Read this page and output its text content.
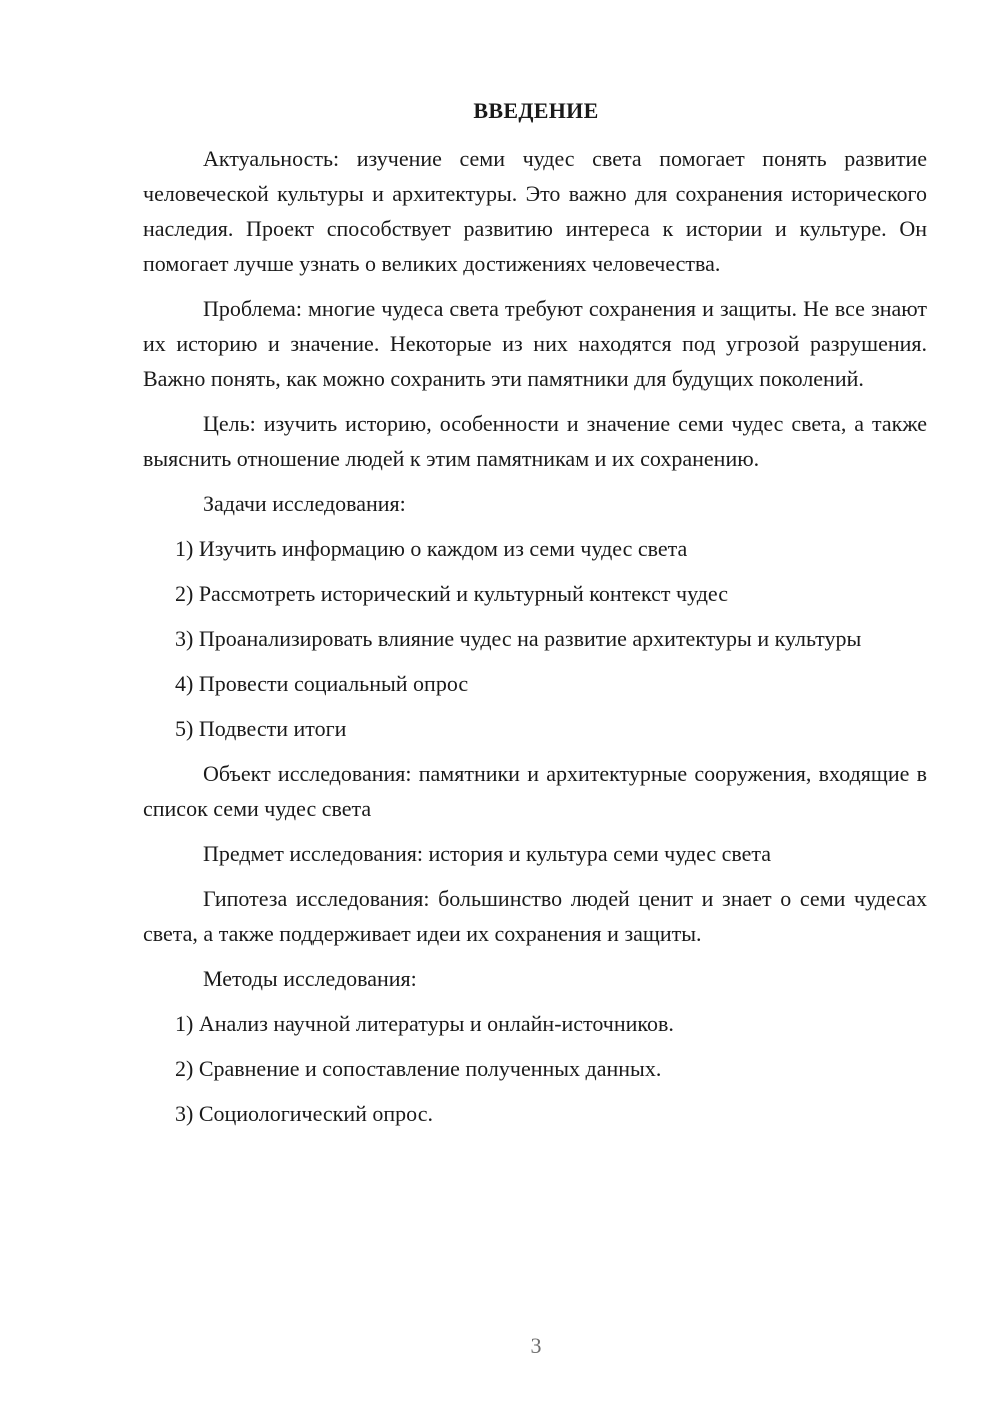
ВВЕДЕНИЕ

Актуальность: изучение семи чудес света помогает понять развитие человеческой культуры и архитектуры. Это важно для сохранения исторического наследия. Проект способствует развитию интереса к истории и культуре. Он помогает лучше узнать о великих достижениях человечества.

Проблема: многие чудеса света требуют сохранения и защиты. Не все знают их историю и значение. Некоторые из них находятся под угрозой разрушения. Важно понять, как можно сохранить эти памятники для будущих поколений.

Цель: изучить историю, особенности и значение семи чудес света, а также выяснить отношение людей к этим памятникам и их сохранению.

Задачи исследования:

1) Изучить информацию о каждом из семи чудес света

2) Рассмотреть исторический и культурный контекст чудес

3) Проанализировать влияние чудес на развитие архитектуры и культуры

4) Провести социальный опрос

5) Подвести итоги

Объект исследования: памятники и архитектурные сооружения, входящие в список семи чудес света

Предмет исследования: история и культура семи чудес света

Гипотеза исследования: большинство людей ценит и знает о семи чудесах света, а также поддерживает идеи их сохранения и защиты.

Методы исследования:

1) Анализ научной литературы и онлайн-источников.

2) Сравнение и сопоставление полученных данных.

3) Социологический опрос.

3
